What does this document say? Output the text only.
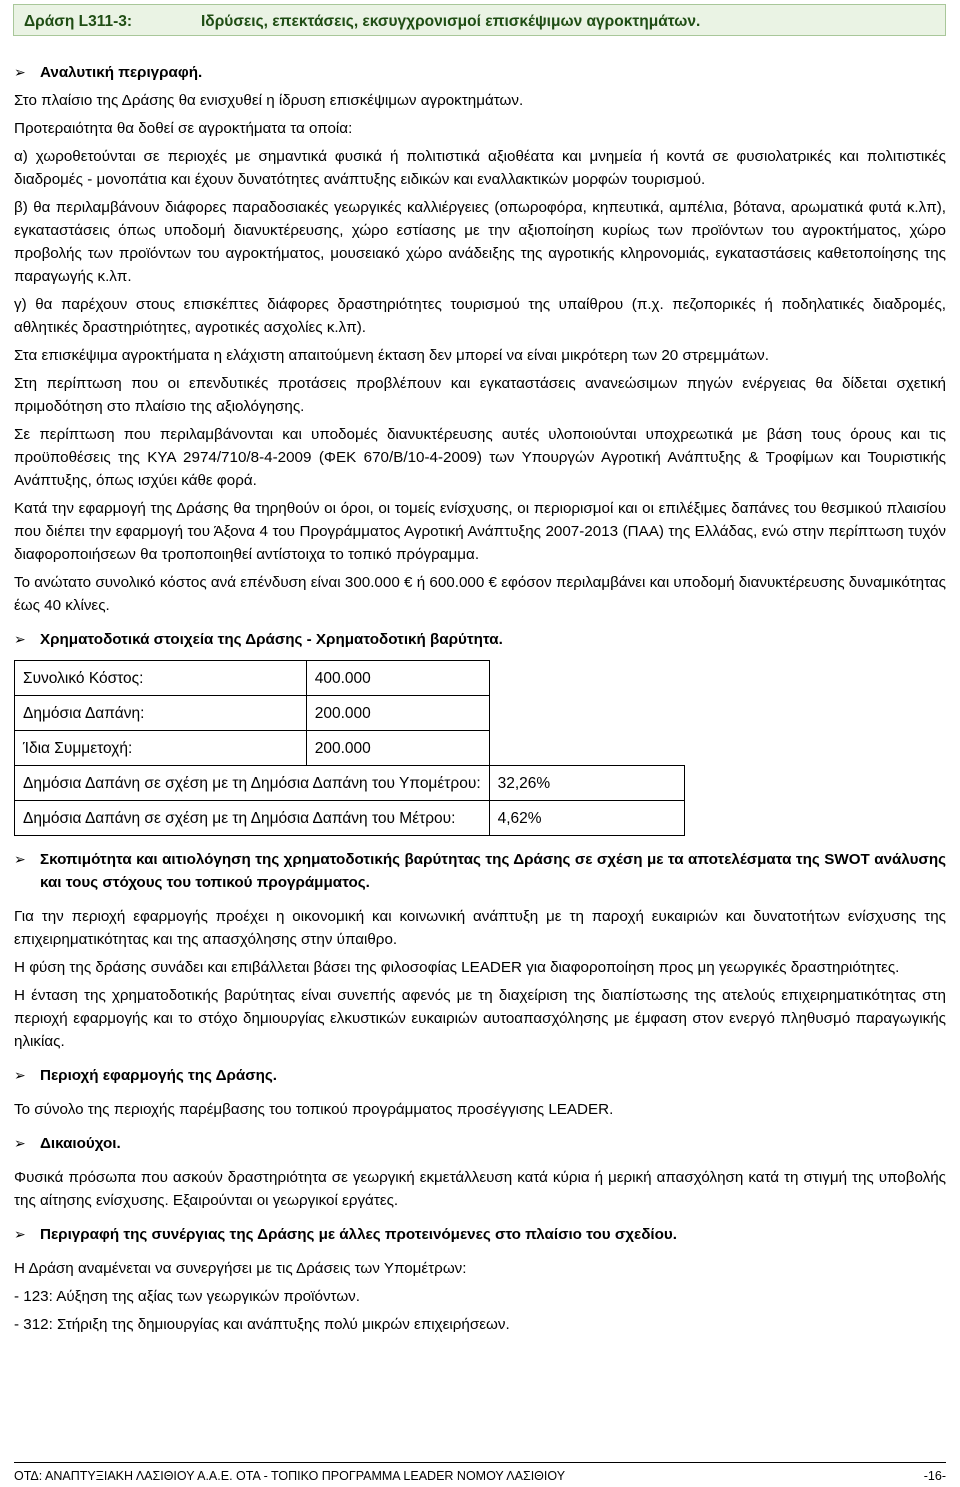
Δράση L311-3:	Ιδρύσεις, επεκτάσεις, εκσυγχρονισμοί επισκέψιμων αγροκτημάτων.
➢ Αναλυτική περιγραφή.

Στο πλαίσιο της Δράσης θα ενισχυθεί η ίδρυση επισκέψιμων αγροκτημάτων.

Προτεραιότητα θα δοθεί σε αγροκτήματα τα οποία:

α) χωροθετούνται σε περιοχές με σημαντικά φυσικά ή πολιτιστικά αξιοθέατα και μνημεία ή κοντά σε φυσιολατρικές και πολιτιστικές διαδρομές - μονοπάτια και έχουν δυνατότητες ανάπτυξης ειδικών και εναλλακτικών μορφών τουρισμού.

β) θα περιλαμβάνουν διάφορες παραδοσιακές γεωργικές καλλιέργειες (οπωροφόρα, κηπευτικά, αμπέλια, βότανα, αρωματικά φυτά κ.λπ), εγκαταστάσεις όπως υποδομή διανυκτέρευσης, χώρο εστίασης με την αξιοποίηση κυρίως των προϊόντων του αγροκτήματος, χώρο προβολής των προϊόντων του αγροκτήματος, μουσειακό χώρο ανάδειξης της αγροτικής κληρονομιάς, εγκαταστάσεις καθετοποίησης της παραγωγής κ.λπ.

γ) θα παρέχουν στους επισκέπτες διάφορες δραστηριότητες τουρισμού της υπαίθρου (π.χ. πεζοπορικές ή ποδηλατικές διαδρομές, αθλητικές δραστηριότητες, αγροτικές ασχολίες κ.λπ).

Στα επισκέψιμα αγροκτήματα η ελάχιστη απαιτούμενη έκταση δεν μπορεί να είναι μικρότερη των 20 στρεμμάτων.

Στη περίπτωση που οι επενδυτικές προτάσεις προβλέπουν και εγκαταστάσεις ανανεώσιμων πηγών ενέργειας θα δίδεται σχετική πριμοδότηση στο πλαίσιο της αξιολόγησης.

Σε περίπτωση που περιλαμβάνονται και υποδομές διανυκτέρευσης αυτές υλοποιούνται υποχρεωτικά με βάση τους όρους και τις προϋποθέσεις της ΚΥΑ 2974/710/8-4-2009 (ΦΕΚ 670/Β/10-4-2009) των Υπουργών Αγροτική Ανάπτυξης & Τροφίμων και Τουριστικής Ανάπτυξης, όπως ισχύει κάθε φορά.

Κατά την εφαρμογή της Δράσης θα τηρηθούν οι όροι, οι τομείς ενίσχυσης, οι περιορισμοί και οι επιλέξιμες δαπάνες του θεσμικού πλαισίου που διέπει την εφαρμογή του Άξονα 4 του Προγράμματος Αγροτική Ανάπτυξης 2007-2013 (ΠΑΑ) της Ελλάδας, ενώ στην περίπτωση τυχόν διαφοροποιήσεων θα τροποποιηθεί αντίστοιχα το τοπικό πρόγραμμα.

Το ανώτατο συνολικό κόστος ανά επένδυση είναι 300.000 € ή 600.000 € εφόσον περιλαμβάνει και υποδομή διανυκτέρευσης δυναμικότητας έως 40 κλίνες.

➢ Χρηματοδοτικά στοιχεία της Δράσης - Χρηματοδοτική βαρύτητα.
Συνολικό Κόστος:	400.000	
Δημόσια Δαπάνη:	200.000	
Ίδια Συμμετοχή:	200.000	
Δημόσια Δαπάνη σε σχέση με τη Δημόσια Δαπάνη του Υπομέτρου:		32,26%
Δημόσια Δαπάνη σε σχέση με τη Δημόσια Δαπάνη του Μέτρου:		4,62%
➢ Σκοπιμότητα και αιτιολόγηση της χρηματοδοτικής βαρύτητας της Δράσης σε σχέση με τα αποτελέσματα της SWOT ανάλυσης και τους στόχους του τοπικού προγράμματος.

Για την περιοχή εφαρμογής προέχει η οικονομική και κοινωνική ανάπτυξη με τη παροχή ευκαιριών και δυνατοτήτων ενίσχυσης της επιχειρηματικότητας και της απασχόλησης στην ύπαιθρο.

Η φύση της δράσης συνάδει και επιβάλλεται βάσει της φιλοσοφίας LEADER για διαφοροποίηση προς μη γεωργικές δραστηριότητες.

Η ένταση της χρηματοδοτικής βαρύτητας είναι συνεπής αφενός με τη διαχείριση της διαπίστωσης της ατελούς επιχειρηματικότητας στη περιοχή εφαρμογής και το στόχο δημιουργίας ελκυστικών ευκαιριών αυτοαπασχόλησης με έμφαση στον ενεργό πληθυσμό παραγωγικής ηλικίας.

➢ Περιοχή εφαρμογής της Δράσης.

Το σύνολο της περιοχής παρέμβασης του τοπικού προγράμματος προσέγγισης LEADER.

➢ Δικαιούχοι.

Φυσικά πρόσωπα που ασκούν δραστηριότητα σε γεωργική εκμετάλλευση κατά κύρια ή μερική απασχόληση κατά τη στιγμή της υποβολής της αίτησης ενίσχυσης. Εξαιρούνται οι γεωργικοί εργάτες.

➢ Περιγραφή της συνέργιας της Δράσης με άλλες προτεινόμενες στο πλαίσιο του σχεδίου.

Η Δράση αναμένεται να συνεργήσει με τις Δράσεις των Υπομέτρων:

- 123: Αύξηση της αξίας των γεωργικών προϊόντων.

- 312: Στήριξη της δημιουργίας και ανάπτυξης πολύ μικρών επιχειρήσεων.

ΟΤΔ: ΑΝΑΠΤΥΞΙΑΚΗ ΛΑΣΙΘΙΟΥ Α.Α.Ε. ΟΤΑ - ΤΟΠΙΚΟ ΠΡΟΓΡΑΜΜΑ LEADER ΝΟΜΟΥ ΛΑΣΙΘΙΟΥ	-16-
